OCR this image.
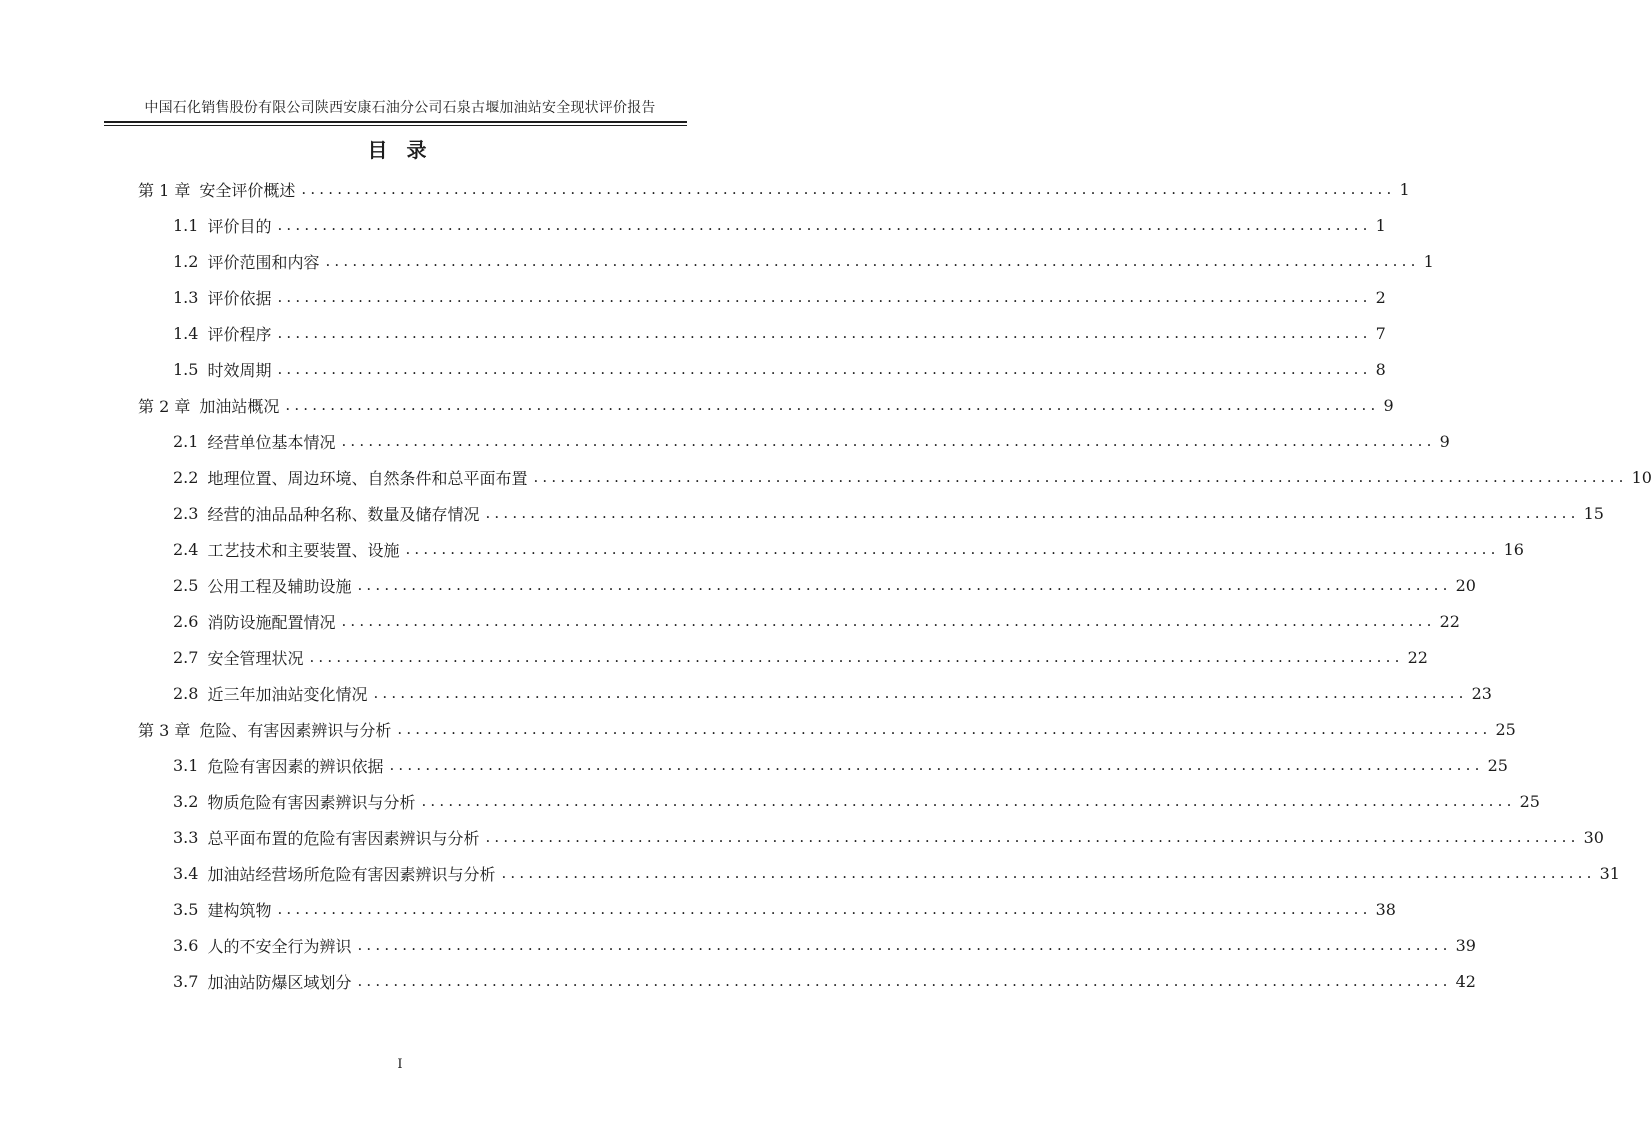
中国石化销售股份有限公司陕西安康石油分公司石泉古堰加油站安全现状评价报告
目 录
第 1 章 安全评价概述 .......................................................................................................................... 1
1.1 评价目的 .......................................................................................................................... 1
1.2 评价范围和内容 .......................................................................................................................... 1
1.3 评价依据 .......................................................................................................................... 2
1.4 评价程序 .......................................................................................................................... 7
1.5 时效周期 .......................................................................................................................... 8
第 2 章 加油站概况 .......................................................................................................................... 9
2.1 经营单位基本情况 .......................................................................................................................... 9
2.2 地理位置、周边环境、自然条件和总平面布置 .......................................................................................................................... 10
2.3 经营的油品品种名称、数量及储存情况 .......................................................................................................................... 15
2.4 工艺技术和主要装置、设施 .......................................................................................................................... 16
2.5 公用工程及辅助设施 .......................................................................................................................... 20
2.6 消防设施配置情况 .......................................................................................................................... 22
2.7 安全管理状况 .......................................................................................................................... 22
2.8 近三年加油站变化情况 .......................................................................................................................... 23
第 3 章 危险、有害因素辨识与分析 .......................................................................................................................... 25
3.1 危险有害因素的辨识依据 .......................................................................................................................... 25
3.2 物质危险有害因素辨识与分析 .......................................................................................................................... 25
3.3 总平面布置的危险有害因素辨识与分析 .......................................................................................................................... 30
3.4 加油站经营场所危险有害因素辨识与分析 .......................................................................................................................... 31
3.5 建构筑物 .......................................................................................................................... 38
3.6 人的不安全行为辨识 .......................................................................................................................... 39
3.7 加油站防爆区域划分 .......................................................................................................................... 42
I
